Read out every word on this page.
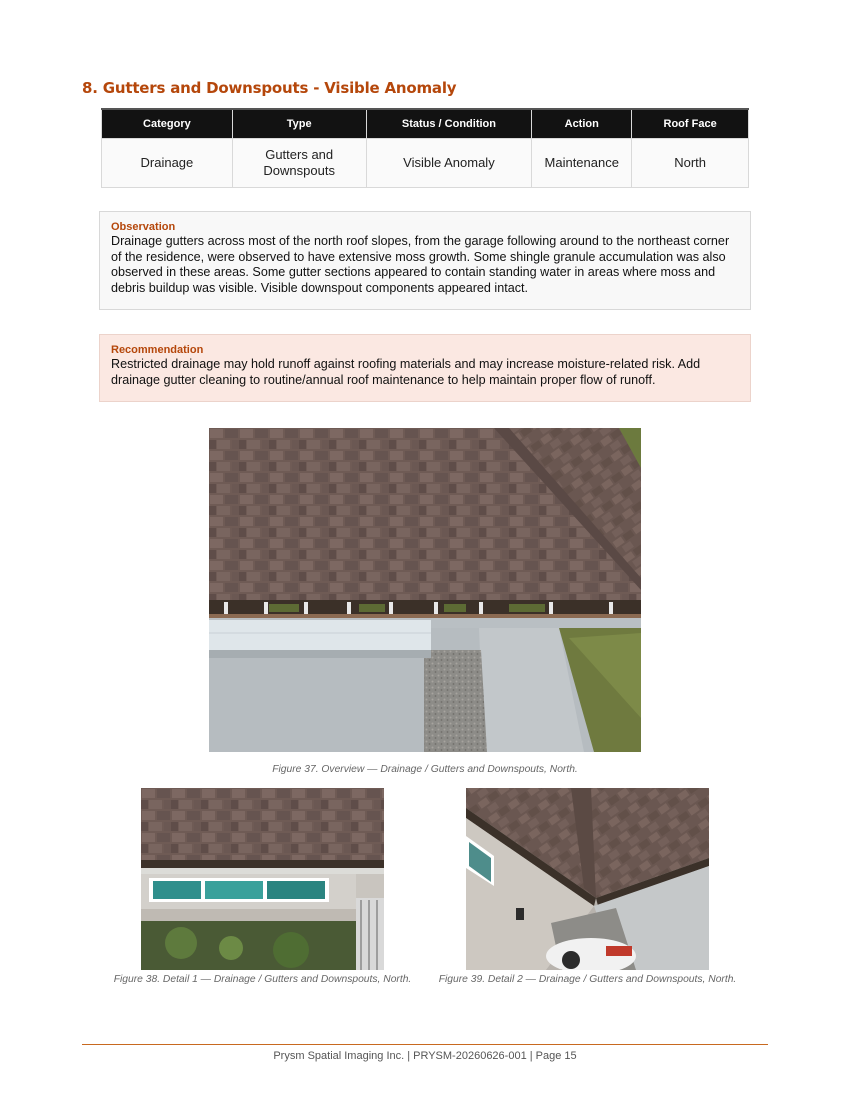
8. Gutters and Downspouts - Visible Anomaly
Category	Type	Status / Condition	Action	Roof Face
Drainage	Gutters and Downspouts	Visible Anomaly	Maintenance	North
Observation
Drainage gutters across most of the north roof slopes, from the garage following around to the northeast corner of the residence, were observed to have extensive moss growth. Some shingle granule accumulation was also observed in these areas. Some gutter sections appeared to contain standing water in areas where moss and debris buildup was visible. Visible downspout components appeared intact.
Recommendation
Restricted drainage may hold runoff against roofing materials and may increase moisture-related risk. Add drainage gutter cleaning to routine/annual roof maintenance to help maintain proper flow of runoff.
Figure 37. Overview — Drainage / Gutters and Downspouts, North.
Figure 38. Detail 1 — Drainage / Gutters and Downspouts, North.	Figure 39. Detail 2 — Drainage / Gutters and Downspouts, North.
Prysm Spatial Imaging Inc. | PRYSM-20260626-001 | Page 15
